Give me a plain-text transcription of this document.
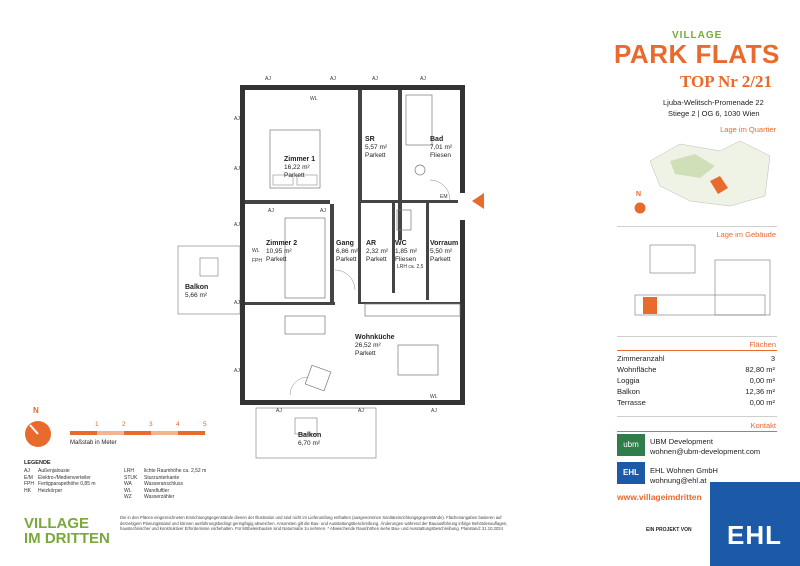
AJ	AJ	AJ	AJ
AJ
AJ
AJ
AJ
AJ
AJ	AJ	AJ
AJ	AJ
WL
WL
WL
EM
FPH
LRH ca. 2,5
Zimmer 1
16,22 m²
Parkett
SR
5,57 m²
Parkett
Bad
7,01 m²
Fliesen
Zimmer 2
10,95 m²
Parkett
Gang
6,86 m²
Parkett
AR
2,32 m²
Parkett
WC
1,85 m²
Fliesen
Vorraum
5,50 m²
Parkett
Wohnküche
26,52 m²
Parkett
Balkon
5,66 m²
Balkon
6,70 m²
N
1	2	3	4	5
Maßstab in Meter
LEGENDE
AJ Außenjalousie
E/M Elektro-/Medienverteiler
FPH Fertigparapethöhe 0,85 m
HK Heizkörper
LRH lichte Raumhöhe ca. 2,52 m
STUK Sturzunterkante
WA Wasseranschluss
WL	Wandluftler
WZ Wasserzähler
VILLAGE
IM DRITTEN
Die in den Plänen eingezeichneten Einrichtungsgegenstände dienen der Illustration und sind nicht im Lieferumfang enthalten (ausgenommen Sanitäreinrichtungsgegenstände). Flächenangaben basieren auf derzeitigem Planungsstand und können ausführungsbedingt geringfügig abweichen. Ansonsten gilt die Bau- und Ausstattungsbeschreibung. Änderungen während der Bauausführung infolge Behördenauflagen, haustechnischer und konstruktiver Erfordernisse vorbehalten. Für Möbeleinbauten sind Naturmaße zu nehmen. * Abweichende Raumhöhen siehe Bau- und Ausstattungsbeschreibung. Planstand: 21.10.2024
VILLAGE
PARK FLATS
TOP Nr 2/21
Ljuba-Welitsch-Promenade 22
Stiege 2 | OG 6, 1030 Wien
Lage im Quartier
N
Lage im Gebäude
Flächen
Zimmeranzahl	3
Wohnfläche	82,80 m²
Loggia	0,00 m²
Balkon	12,36 m²
Terrasse	0,00 m²
Kontakt
ubm	UBM Development
wohnen@ubm-development.com
EHL	EHL Wohnen GmbH
wohnung@ehl.at
www.villageimdritten
EIN PROJEKT VON EHL
